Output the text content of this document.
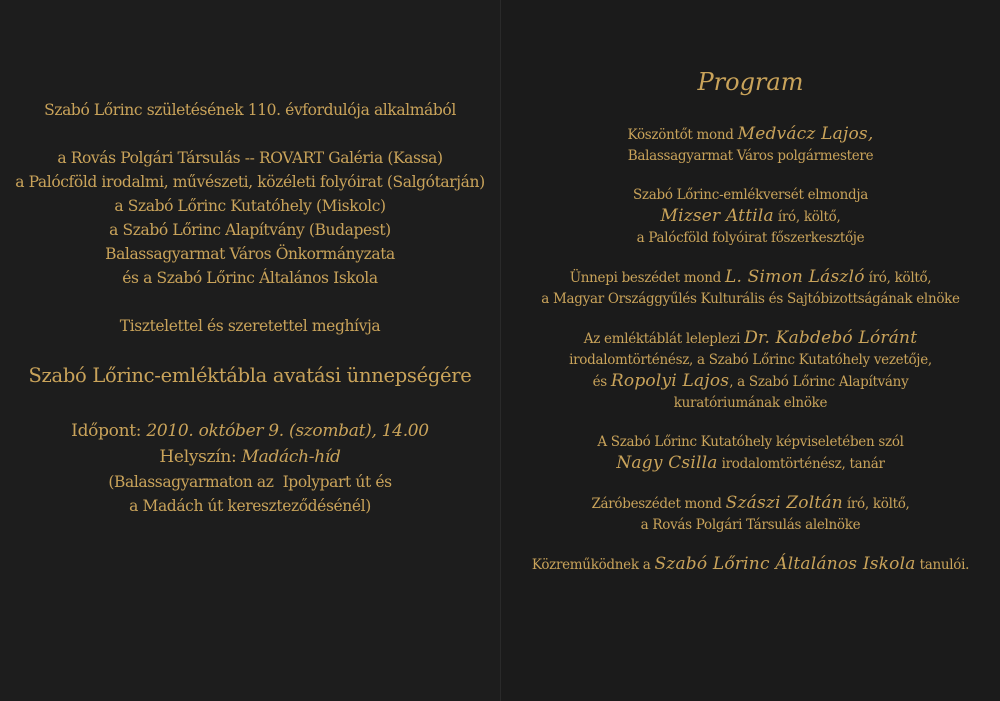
Szabó Lőrinc születésének 110. évfordulója alkalmából
a Rovás Polgári Társulás -- ROVART Galéria (Kassa)
a Palócföld irodalmi, művészeti, közéleti folyóirat (Salgótarján)
a Szabó Lőrinc Kutatóhely (Miskolc)
a Szabó Lőrinc Alapítvány (Budapest)
Balassagyarmat Város Önkormányzata
és a Szabó Lőrinc Általános Iskola
Tisztelettel és szeretettel meghívja
Szabó Lőrinc-emléktábla avatási ünnepségére
Időpont: 2010. október 9. (szombat), 14.00
Helyszín: Madách-híd
(Balassagyarmaton az  Ipolypart út és
a Madách út kereszteződésénél)
Program
Köszöntőt mond Medvácz Lajos,
Balassagyarmat Város polgármestere
Szabó Lőrinc-emlékversét elmondja
Mizser Attila író, költő,
a Palócföld folyóirat főszerkesztője
Ünnepi beszédet mond L. Simon László író, költő,
a Magyar Országgyűlés Kulturális és Sajtóbizottságának elnöke
Az emléktáblát leleplezi Dr. Kabdebó Lóránt
irodalomtörténész, a Szabó Lőrinc Kutatóhely vezetője,
és Ropolyi Lajos, a Szabó Lőrinc Alapítvány
kuratóriumának elnöke
A Szabó Lőrinc Kutatóhely képviseletében szól
Nagy Csilla irodalomtörténész, tanár
Záróbeszédet mond Szászi Zoltán író, költő,
a Rovás Polgári Társulás alelnöke
Közreműködnek a Szabó Lőrinc Általános Iskola tanulói.
